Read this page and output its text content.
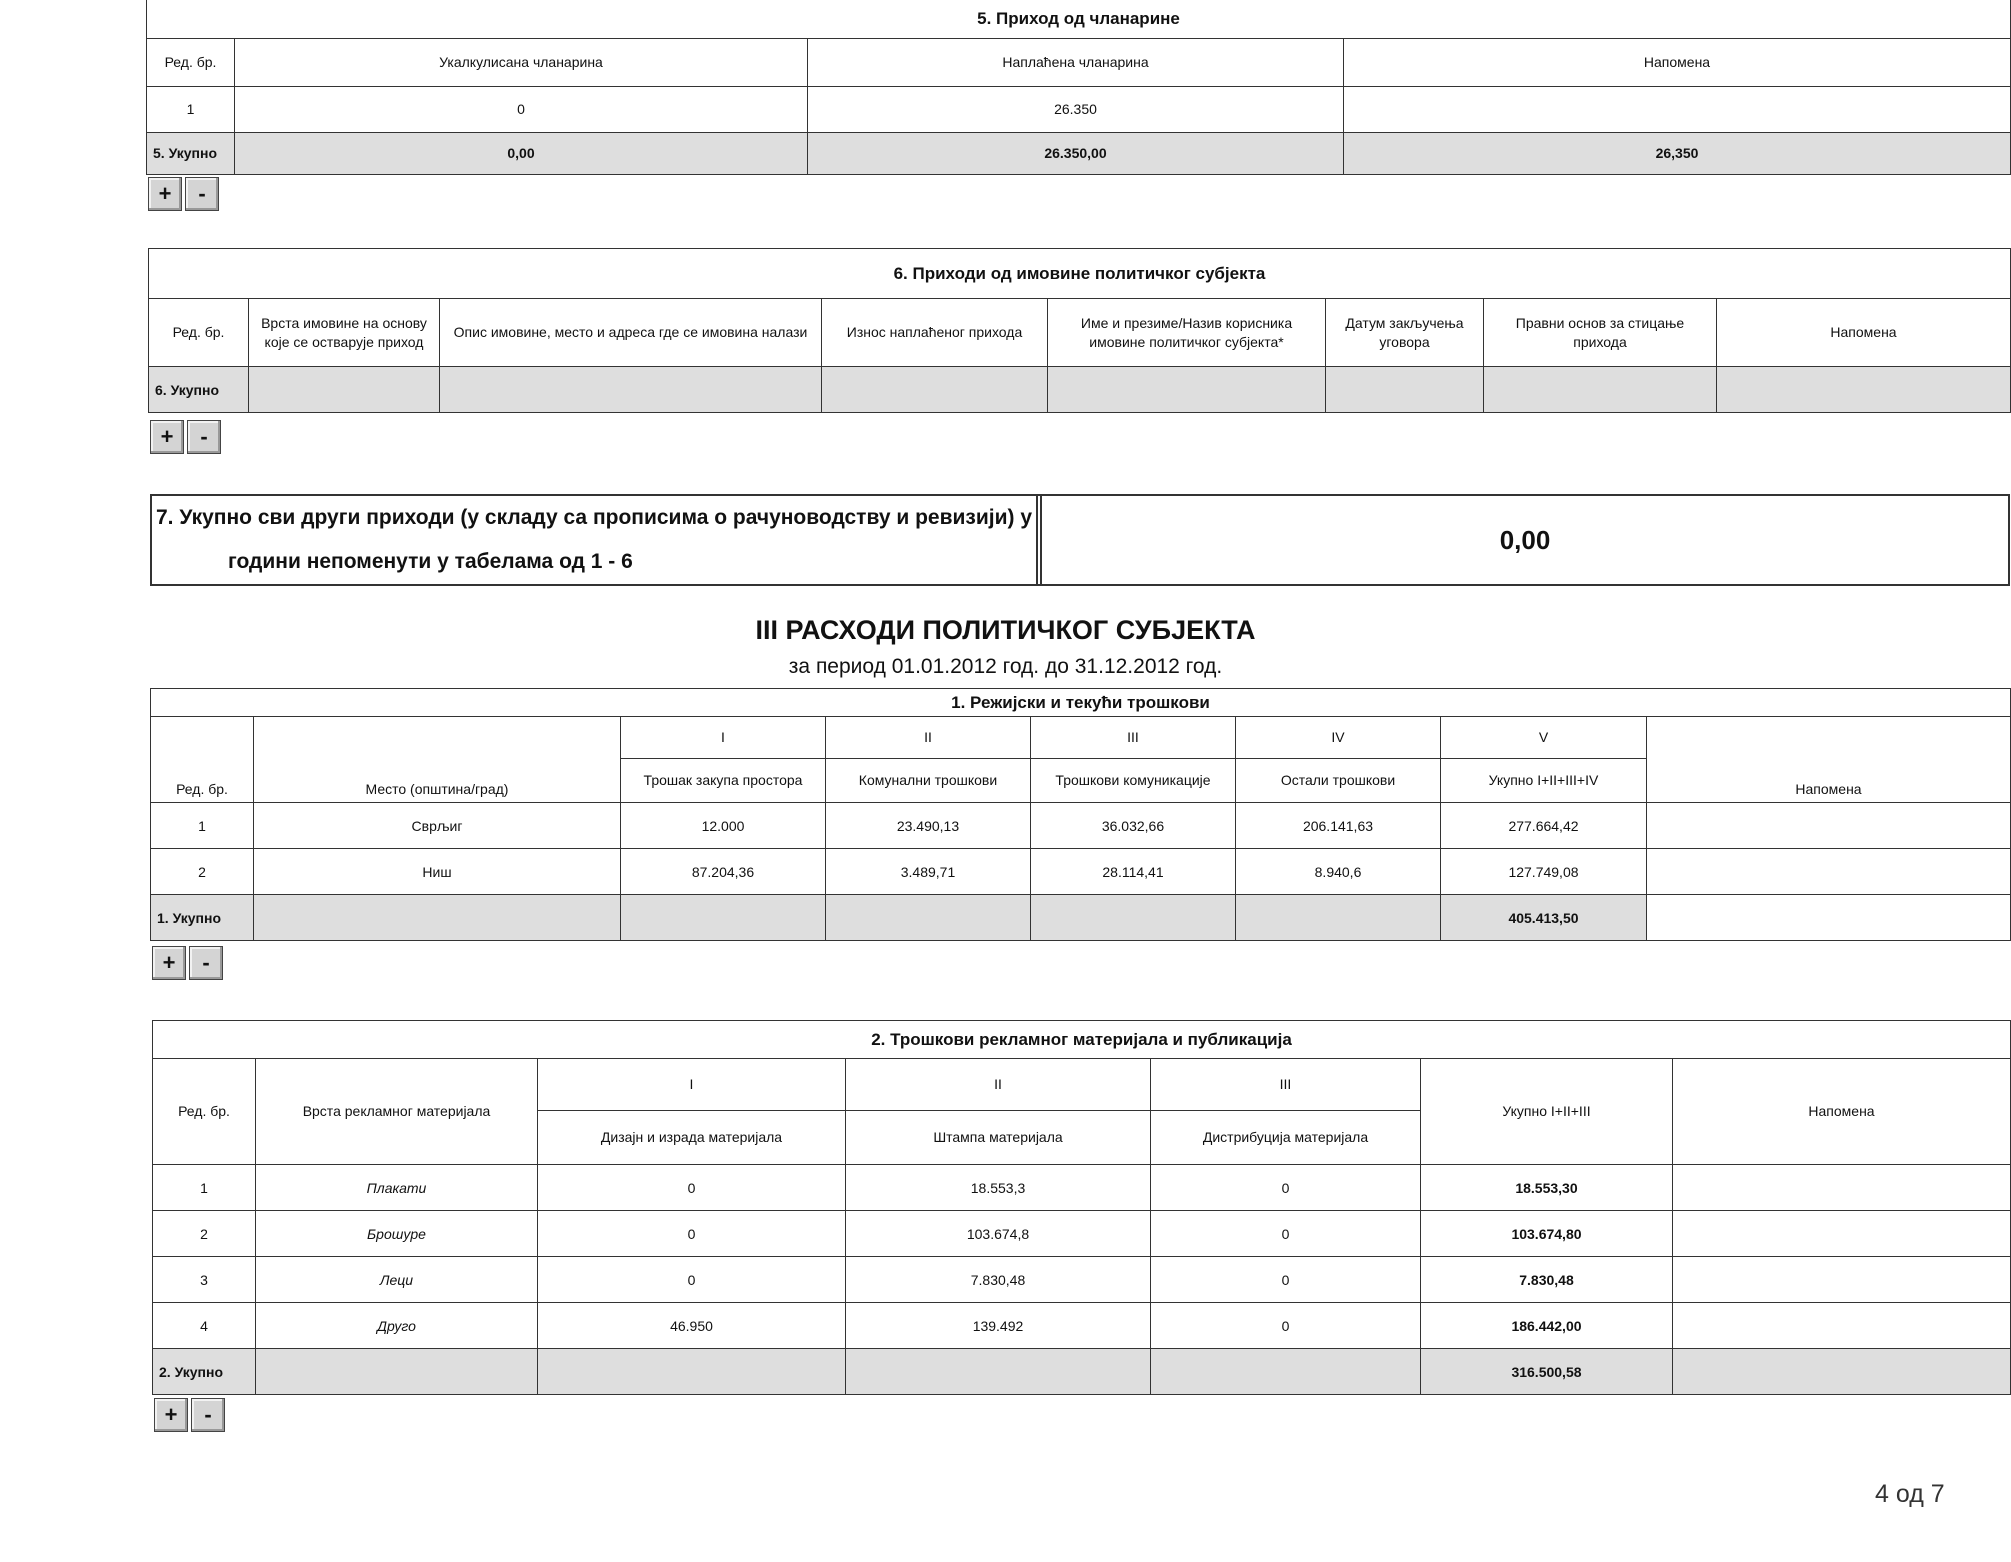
5. Приход од чланарине			
Ред. бр.	Укалкулисана чланарина	Наплаћена чланарина	Напомена
1	0	26.350	
5. Укупно	0,00	26.350,00	26,350
+	-
6. Приходи од имовине политичког субјекта							
Ред. бр.	Врста имовине на основу које се остварује приход	Опис имовине, место и адреса где се имовина налази	Износ наплаћеног прихода	Име и презиме/Назив корисника имовине политичког субјекта*	Датум закључења уговора	Правни основ за стицање прихода	Напомена
6. Укупно							
+	-
7. Укупно сви други приходи (у складу са прописима о рачуноводству и ревизији) у
години непоменути у табелама од 1 - 6
0,00
III РАСХОДИ ПОЛИТИЧКОГ СУБЈЕКТА
за период 01.01.2012 год. до 31.12.2012 год.
1. Режијски и текући трошкови							
Ред. бр.	Место (општина/град)	I	II	III	IV	V	Напомена
		Трошак закупа простора	Комунални трошкови	Трошкови комуникације	Остали трошкови	Укупно I+II+III+IV	
1	Сврљиг	12.000	23.490,13	36.032,66	206.141,63	277.664,42	
2	Ниш	87.204,36	3.489,71	28.114,41	8.940,6	127.749,08	
1. Укупно						405.413,50	
+	-
2. Трошкови рекламног материјала и публикација						
Ред. бр.	Врста рекламног материјала	I	II	III	Укупно I+II+III	Напомена
		Дизајн и израда материјала	Штампа материјала	Дистрибуција материјала		
1	Плакати	0	18.553,3	0	18.553,30	
2	Брошуре	0	103.674,8	0	103.674,80	
3	Леци	0	7.830,48	0	7.830,48	
4	Друго	46.950	139.492	0	186.442,00	
2. Укупно					316.500,58	
+	-
4 од 7
